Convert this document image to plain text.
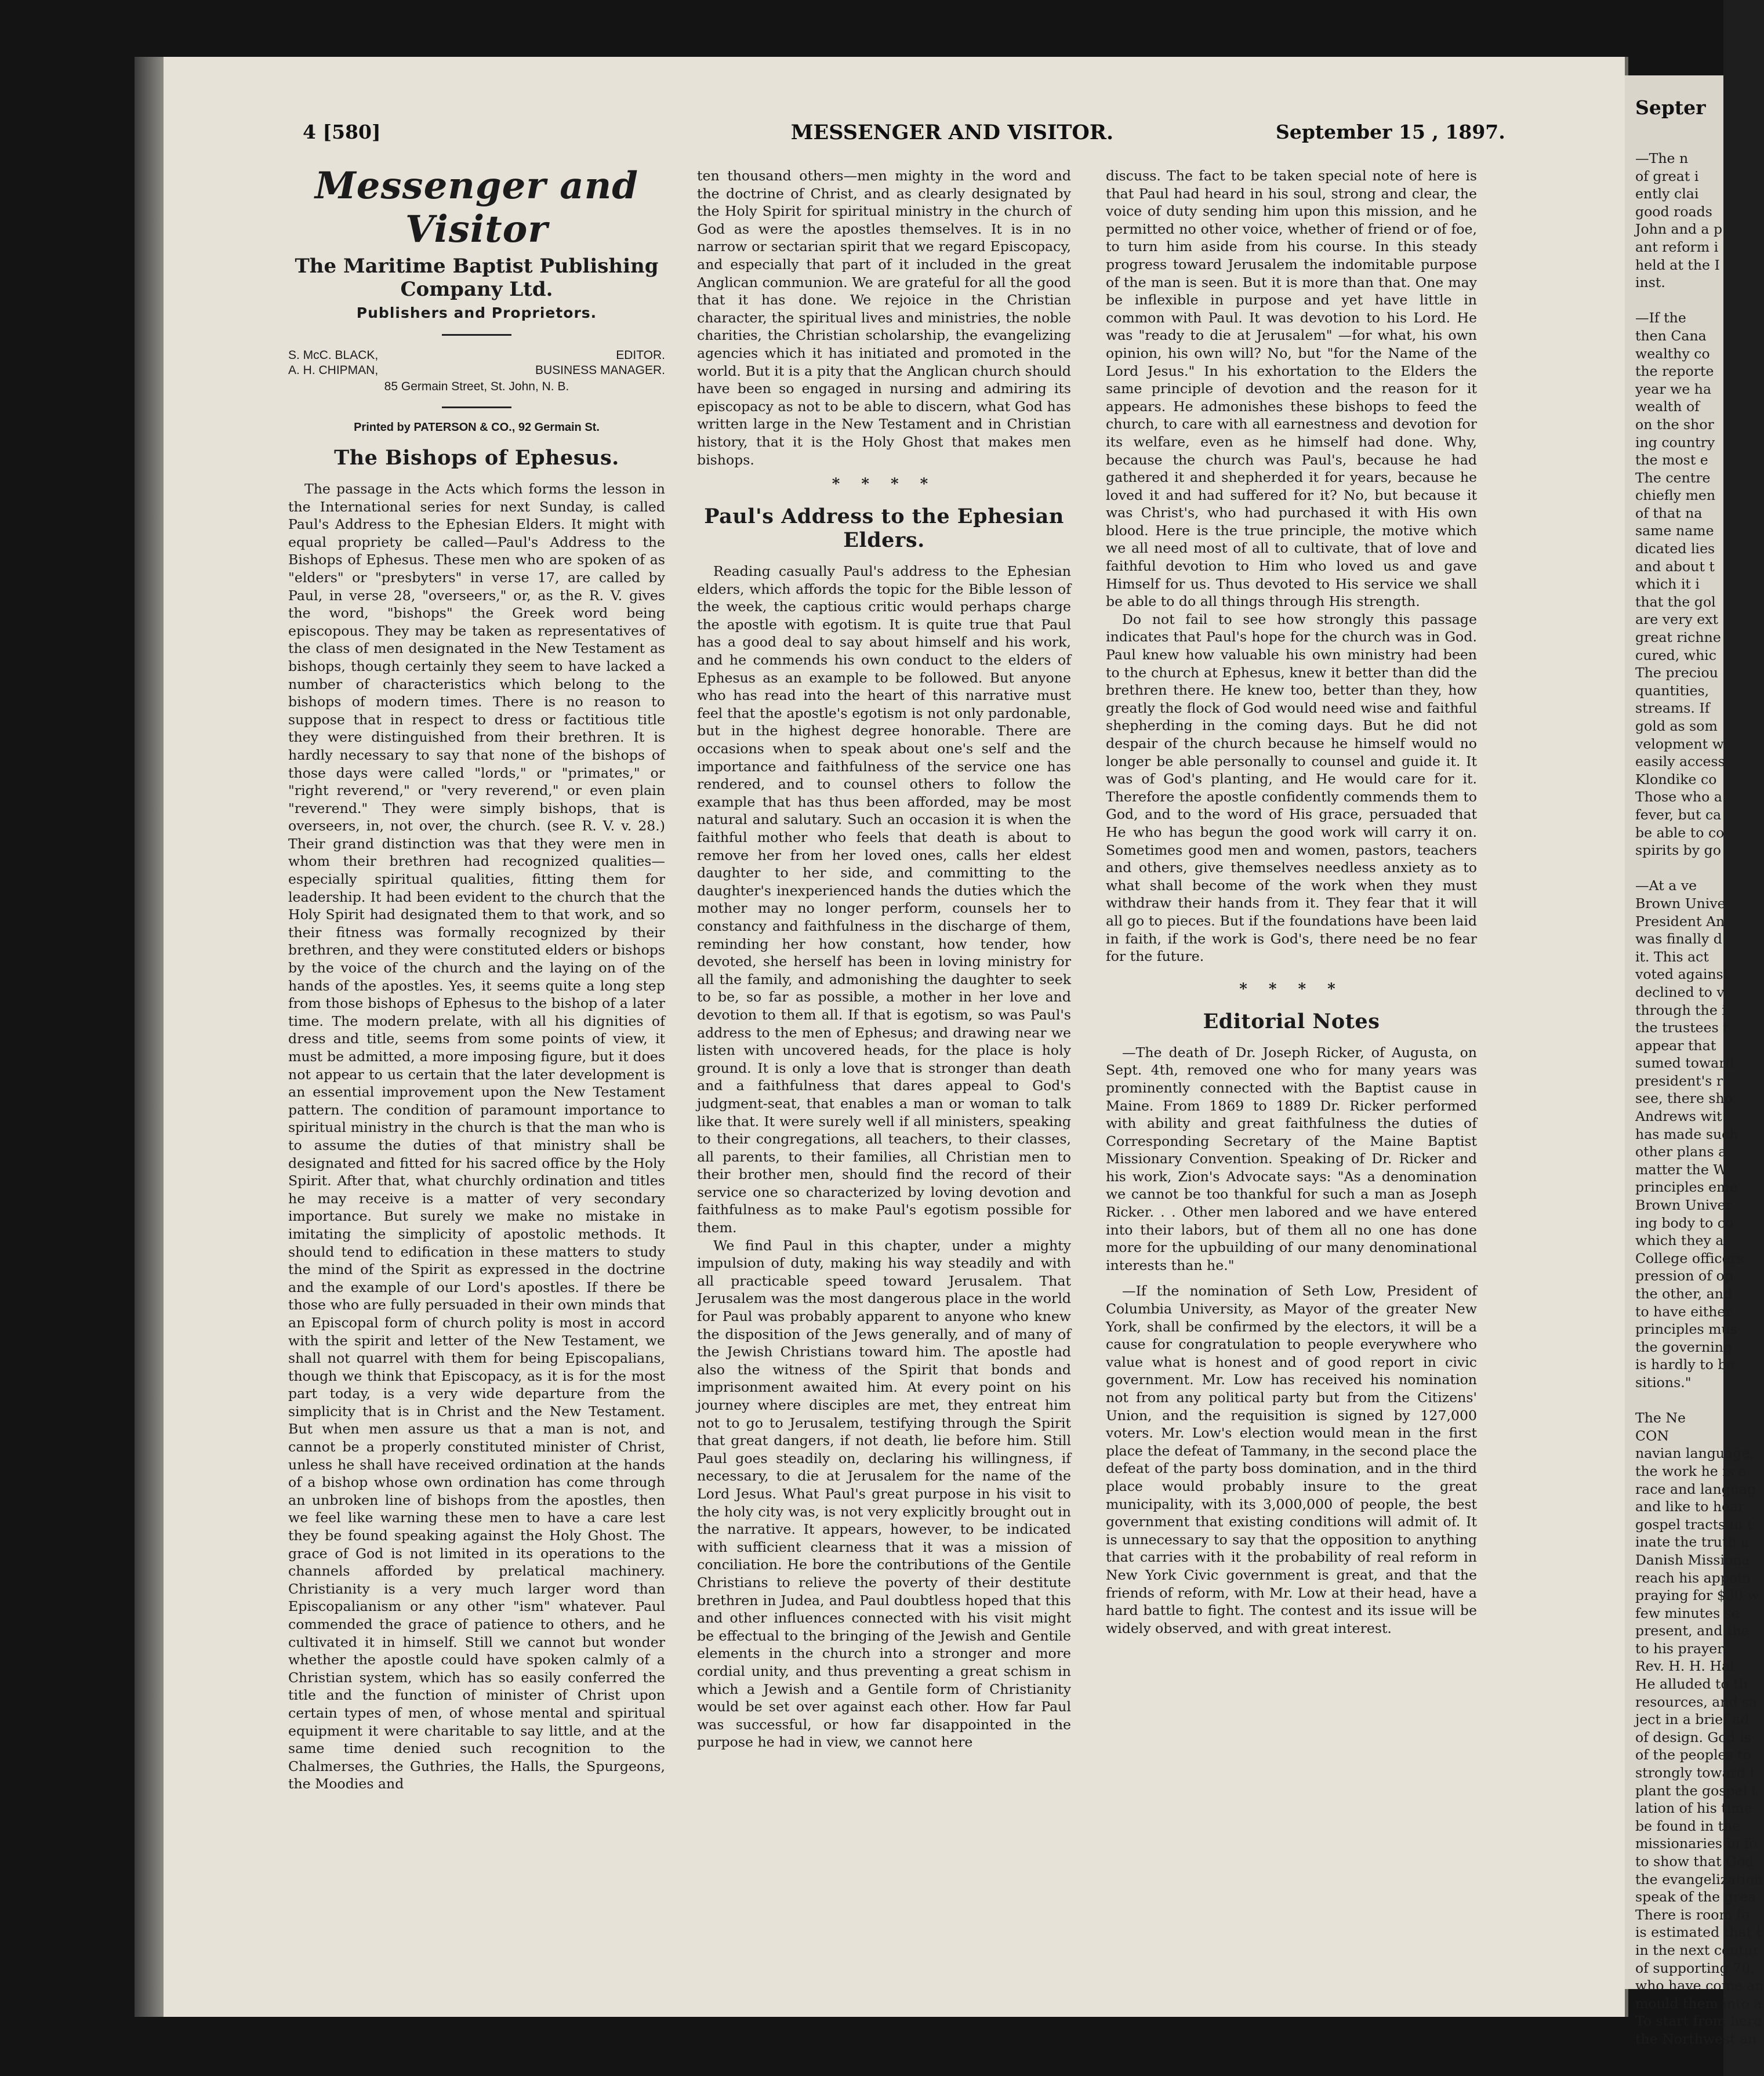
4 [580]	MESSENGER AND VISITOR.	September 15 , 1897.
Messenger and Visitor
The Maritime Baptist Publishing Company Ltd.
Publishers and Proprietors.
S. McC. BLACK,	EDITOR.
A. H. CHIPMAN,	BUSINESS MANAGER.
85 Germain Street, St. John, N. B.
Printed by PATERSON & CO., 92 Germain St.
The Bishops of Ephesus.

The passage in the Acts which forms the lesson in the International series for next Sunday, is called Paul's Address to the Ephesian Elders. It might with equal propriety be called—Paul's Address to the Bishops of Ephesus. These men who are spoken of as "elders" or "presbyters" in verse 17, are called by Paul, in verse 28, "overseers," or, as the R. V. gives the word, "bishops" the Greek word being episcopous. They may be taken as representatives of the class of men designated in the New Testament as bishops, though certainly they seem to have lacked a number of characteristics which belong to the bishops of modern times. There is no reason to suppose that in respect to dress or factitious title they were distinguished from their brethren. It is hardly necessary to say that none of the bishops of those days were called "lords," or "primates," or "right reverend," or "very reverend," or even plain "reverend." They were simply bishops, that is overseers, in, not over, the church. (see R. V. v. 28.) Their grand distinction was that they were men in whom their brethren had recognized qualities—especially spiritual qualities, fitting them for leadership. It had been evident to the church that the Holy Spirit had designated them to that work, and so their fitness was formally recognized by their brethren, and they were constituted elders or bishops by the voice of the church and the laying on of the hands of the apostles. Yes, it seems quite a long step from those bishops of Ephesus to the bishop of a later time. The modern prelate, with all his dignities of dress and title, seems from some points of view, it must be admitted, a more imposing figure, but it does not appear to us certain that the later development is an essential improvement upon the New Testament pattern. The condition of paramount importance to spiritual ministry in the church is that the man who is to assume the duties of that ministry shall be designated and fitted for his sacred office by the Holy Spirit. After that, what churchly ordination and titles he may receive is a matter of very secondary importance. But surely we make no mistake in imitating the simplicity of apostolic methods. It should tend to edification in these matters to study the mind of the Spirit as expressed in the doctrine and the example of our Lord's apostles. If there be those who are fully persuaded in their own minds that an Episcopal form of church polity is most in accord with the spirit and letter of the New Testament, we shall not quarrel with them for being Episcopalians, though we think that Episcopacy, as it is for the most part today, is a very wide departure from the simplicity that is in Christ and the New Testament. But when men assure us that a man is not, and cannot be a properly constituted minister of Christ, unless he shall have received ordination at the hands of a bishop whose own ordination has come through an unbroken line of bishops from the apostles, then we feel like warning these men to have a care lest they be found speaking against the Holy Ghost. The grace of God is not limited in its operations to the channels afforded by prelatical machinery. Christianity is a very much larger word than Episcopalianism or any other "ism" whatever. Paul commended the grace of patience to others, and he cultivated it in himself. Still we cannot but wonder whether the apostle could have spoken calmly of a Christian system, which has so easily conferred the title and the function of minister of Christ upon certain types of men, of whose mental and spiritual equipment it were charitable to say little, and at the same time denied such recognition to the Chalmerses, the Guthries, the Halls, the Spurgeons, the Moodies and

ten thousand others—men mighty in the word and the doctrine of Christ, and as clearly designated by the Holy Spirit for spiritual ministry in the church of God as were the apostles themselves. It is in no narrow or sectarian spirit that we regard Episcopacy, and especially that part of it included in the great Anglican communion. We are grateful for all the good that it has done. We rejoice in the Christian character, the spiritual lives and ministries, the noble charities, the Christian scholarship, the evangelizing agencies which it has initiated and promoted in the world. But it is a pity that the Anglican church should have been so engaged in nursing and admiring its episcopacy as not to be able to discern, what God has written large in the New Testament and in Christian history, that it is the Holy Ghost that makes men bishops.

* * * *
Paul's Address to the Ephesian Elders.

Reading casually Paul's address to the Ephesian elders, which affords the topic for the Bible lesson of the week, the captious critic would perhaps charge the apostle with egotism. It is quite true that Paul has a good deal to say about himself and his work, and he commends his own conduct to the elders of Ephesus as an example to be followed. But anyone who has read into the heart of this narrative must feel that the apostle's egotism is not only pardonable, but in the highest degree honorable. There are occasions when to speak about one's self and the importance and faithfulness of the service one has rendered, and to counsel others to follow the example that has thus been afforded, may be most natural and salutary. Such an occasion it is when the faithful mother who feels that death is about to remove her from her loved ones, calls her eldest daughter to her side, and committing to the daughter's inexperienced hands the duties which the mother may no longer perform, counsels her to constancy and faithfulness in the discharge of them, reminding her how constant, how tender, how devoted, she herself has been in loving ministry for all the family, and admonishing the daughter to seek to be, so far as possible, a mother in her love and devotion to them all. If that is egotism, so was Paul's address to the men of Ephesus; and drawing near we listen with uncovered heads, for the place is holy ground. It is only a love that is stronger than death and a faithfulness that dares appeal to God's judgment-seat, that enables a man or woman to talk like that. It were surely well if all ministers, speaking to their congregations, all teachers, to their classes, all parents, to their families, all Christian men to their brother men, should find the record of their service one so characterized by loving devotion and faithfulness as to make Paul's egotism possible for them.

We find Paul in this chapter, under a mighty impulsion of duty, making his way steadily and with all practicable speed toward Jerusalem. That Jerusalem was the most dangerous place in the world for Paul was probably apparent to anyone who knew the disposition of the Jews generally, and of many of the Jewish Christians toward him. The apostle had also the witness of the Spirit that bonds and imprisonment awaited him. At every point on his journey where disciples are met, they entreat him not to go to Jerusalem, testifying through the Spirit that great dangers, if not death, lie before him. Still Paul goes steadily on, declaring his willingness, if necessary, to die at Jerusalem for the name of the Lord Jesus. What Paul's great purpose in his visit to the holy city was, is not very explicitly brought out in the narrative. It appears, however, to be indicated with sufficient clearness that it was a mission of conciliation. He bore the contributions of the Gentile Christians to relieve the poverty of their destitute brethren in Judea, and Paul doubtless hoped that this and other influences connected with his visit might be effectual to the bringing of the Jewish and Gentile elements in the church into a stronger and more cordial unity, and thus preventing a great schism in which a Jewish and a Gentile form of Christianity would be set over against each other. How far Paul was successful, or how far disappointed in the purpose he had in view, we cannot here

discuss. The fact to be taken special note of here is that Paul had heard in his soul, strong and clear, the voice of duty sending him upon this mission, and he permitted no other voice, whether of friend or of foe, to turn him aside from his course. In this steady progress toward Jerusalem the indomitable purpose of the man is seen. But it is more than that. One may be inflexible in purpose and yet have little in common with Paul. It was devotion to his Lord. He was "ready to die at Jerusalem" —for what, his own opinion, his own will? No, but "for the Name of the Lord Jesus." In his exhortation to the Elders the same principle of devotion and the reason for it appears. He admonishes these bishops to feed the church, to care with all earnestness and devotion for its welfare, even as he himself had done. Why, because the church was Paul's, because he had gathered it and shepherded it for years, because he loved it and had suffered for it? No, but because it was Christ's, who had purchased it with His own blood. Here is the true principle, the motive which we all need most of all to cultivate, that of love and faithful devotion to Him who loved us and gave Himself for us. Thus devoted to His service we shall be able to do all things through His strength.

Do not fail to see how strongly this passage indicates that Paul's hope for the church was in God. Paul knew how valuable his own ministry had been to the church at Ephesus, knew it better than did the brethren there. He knew too, better than they, how greatly the flock of God would need wise and faithful shepherding in the coming days. But he did not despair of the church because he himself would no longer be able personally to counsel and guide it. It was of God's planting, and He would care for it. Therefore the apostle confidently commends them to God, and to the word of His grace, persuaded that He who has begun the good work will carry it on. Sometimes good men and women, pastors, teachers and others, give themselves needless anxiety as to what shall become of the work when they must withdraw their hands from it. They fear that it will all go to pieces. But if the foundations have been laid in faith, if the work is God's, there need be no fear for the future.

* * * *
Editorial Notes

—The death of Dr. Joseph Ricker, of Augusta, on Sept. 4th, removed one who for many years was prominently connected with the Baptist cause in Maine. From 1869 to 1889 Dr. Ricker performed with ability and great faithfulness the duties of Corresponding Secretary of the Maine Baptist Missionary Convention. Speaking of Dr. Ricker and his work, Zion's Advocate says: "As a denomination we cannot be too thankful for such a man as Joseph Ricker. . . Other men labored and we have entered into their labors, but of them all no one has done more for the upbuilding of our many denominational interests than he."

—If the nomination of Seth Low, President of Columbia University, as Mayor of the greater New York, shall be confirmed by the electors, it will be a cause for congratulation to people everywhere who value what is honest and of good report in civic government. Mr. Low has received his nomination not from any political party but from the Citizens' Union, and the requisition is signed by 127,000 voters. Mr. Low's election would mean in the first place the defeat of Tammany, in the second place the defeat of the party boss domination, and in the third place would probably insure to the great municipality, with its 3,000,000 of people, the best government that existing conditions will admit of. It is unnecessary to say that the opposition to anything that carries with it the probability of real reform in New York Civic government is great, and that the friends of reform, with Mr. Low at their head, have a hard battle to fight. The contest and its issue will be widely observed, and with great interest.

Septer
—The n
of great i
ently clai
good roads
John and a p
ant reform i
held at the I
inst.

—If the
then Cana
wealthy co
the reporte
year we ha
wealth of
on the shor
ing country
the most e
The centre
chiefly men
of that na
same name
dicated lies
and about t
which it i
that the gol
are very ext
great richne
cured, whic
The preciou
quantities,
streams. If
gold as som
velopment w
easily access
Klondike co
Those who a
fever, but ca
be able to co
spirits by go

—At a ve
Brown Unive
President An
was finally d
it. This act
voted against
declined to v
through the i
the trustees t
appear that
sumed toward
president's r
see, there sho
Andrews wit
has made such
other plans a
matter the W
principles eme
Brown Univer
ing body to co
which they a
College officers
pression of op
the other, and
to have either
principles mus
the governing
is hardly to be
sitions."

The Ne
CON
navian language,
the work he is e
race and languag
and like to hear
gospel tracts in t
inate the truth a
Danish Missiona
reach his appoin
praying for $30 w
few minutes se
present, and the
to his prayer.
Rev. H. H. Hal
He alluded to th
resources, and sa
ject in a brief ad
of design. God is
of the peoples to
strongly toward t
plant the gospel t
lation of his time
be found in the
missionaries in fo
to show that God
the evangelization
speak of the grea
There is room fo
is estimated that t
in the next centur
of supporting 70,
who have come an
mould them into a
To start from here
the Northwest an
